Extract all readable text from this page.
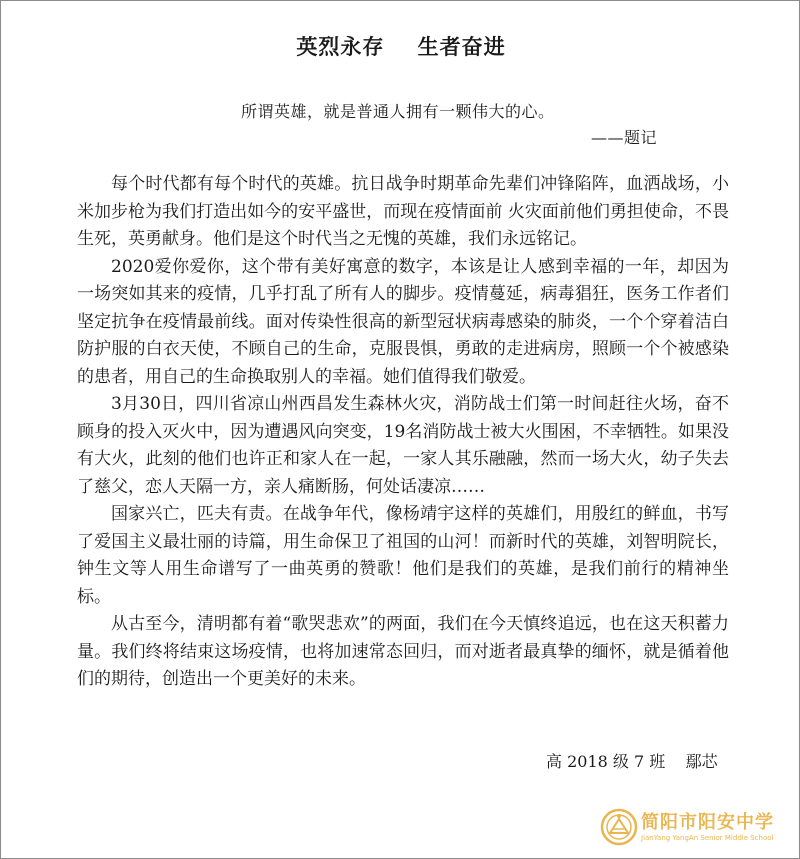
英烈永存    生者奋进
所谓英雄，就是普通人拥有一颗伟大的心。
——题记

每个时代都有每个时代的英雄。抗日战争时期革命先辈们冲锋陷阵，血洒战场，小米加步枪为我们打造出如今的安平盛世，而现在疫情面前 火灾面前他们勇担使命，不畏生死，英勇献身。他们是这个时代当之无愧的英雄，我们永远铭记。

2020爱你爱你，这个带有美好寓意的数字，本该是让人感到幸福的一年，却因为一场突如其来的疫情，几乎打乱了所有人的脚步。疫情蔓延，病毒猖狂，医务工作者们坚定抗争在疫情最前线。面对传染性很高的新型冠状病毒感染的肺炎，一个个穿着洁白防护服的白衣天使，不顾自己的生命，克服畏惧，勇敢的走进病房，照顾一个个被感染的患者，用自己的生命换取别人的幸福。她们值得我们敬爱。

3月30日，四川省凉山州西昌发生森林火灾，消防战士们第一时间赶往火场，奋不顾身的投入灭火中，因为遭遇风向突变，19名消防战士被大火围困，不幸牺牲。如果没有大火，此刻的他们也许正和家人在一起，一家人其乐融融，然而一场大火，幼子失去了慈父，恋人天隔一方，亲人痛断肠，何处话凄凉……

国家兴亡，匹夫有责。在战争年代，像杨靖宇这样的英雄们，用殷红的鲜血，书写了爱国主义最壮丽的诗篇，用生命保卫了祖国的山河！而新时代的英雄，刘智明院长，钟生文等人用生命谱写了一曲英勇的赞歌！他们是我们的英雄，是我们前行的精神坐标。

从古至今，清明都有着“歌哭悲欢”的两面，我们在今天慎终追远，也在这天积蓄力量。我们终将结束这场疫情，也将加速常态回归，而对逝者最真挚的缅怀，就是循着他们的期待，创造出一个更美好的未来。

高 2018 级 7 班    鄢芯
简阳市阳安中学
JianYang YangAn Senior Middle School
